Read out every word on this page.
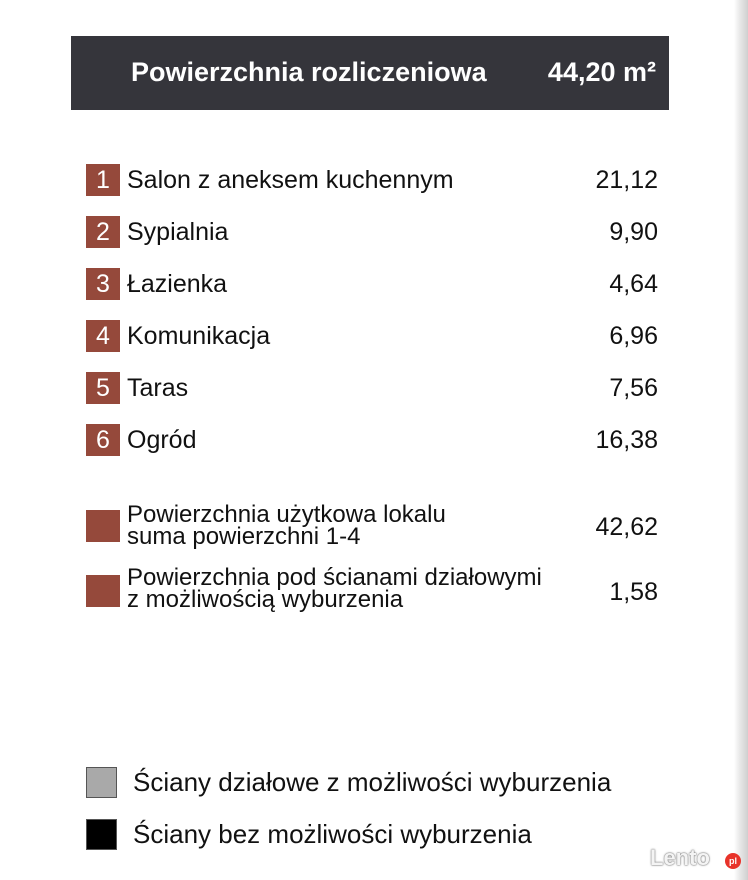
Powierzchnia rozliczeniowa 44,20 m²
1 Salon z aneksem kuchennym	21,12
2 Sypialnia	9,90
3 Łazienka	4,64
4 Komunikacja	6,96
5 Taras	7,56
6 Ogród	16,38
Powierzchnia użytkowa lokalu
suma powierzchni 1-4	42,62
Powierzchnia pod ścianami działowymi
z możliwością wyburzenia	1,58
Ściany działowe z możliwości wyburzenia
Ściany bez możliwości wyburzenia
Lento	pl
